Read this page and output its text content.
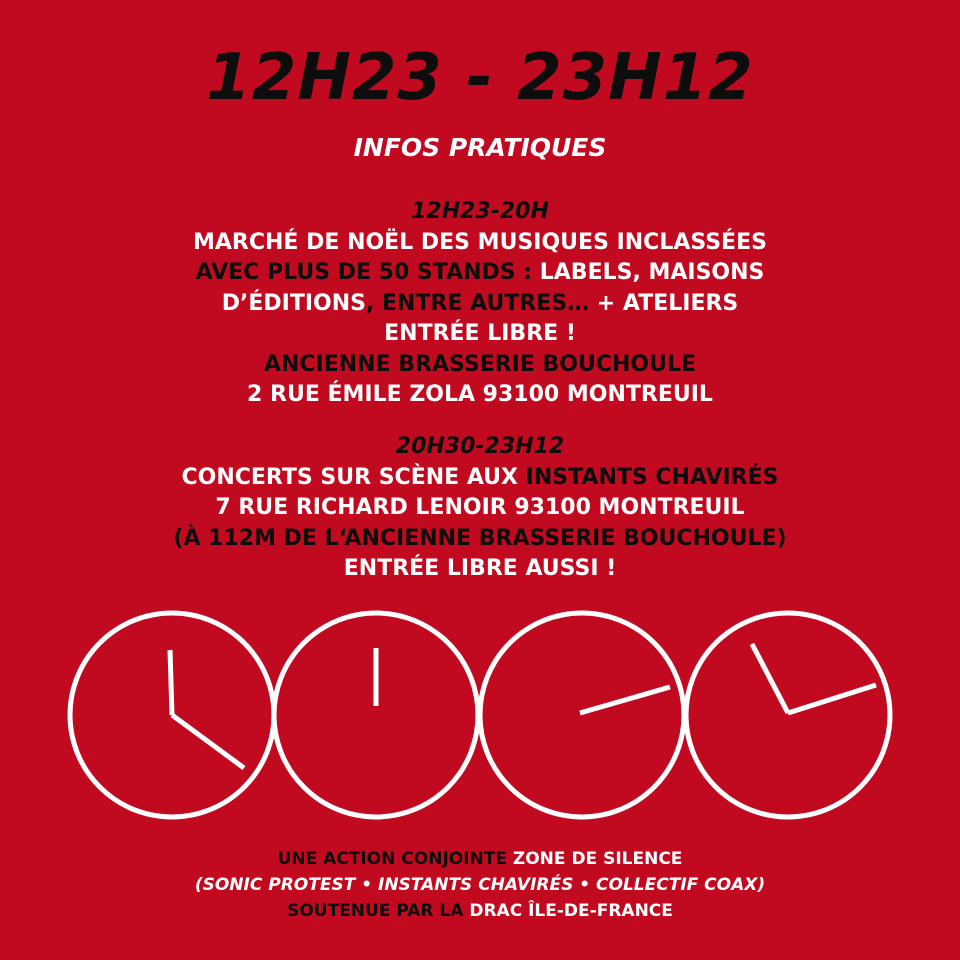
12H23 - 23H12
INFOS PRATIQUES
12H23-20H
MARCHÉ DE NOËL DES MUSIQUES INCLASSÉES
AVEC PLUS DE 50 STANDS : LABELS, MAISONS
D’ÉDITIONS, ENTRE AUTRES… + ATELIERS
ENTRÉE LIBRE !
ANCIENNE BRASSERIE BOUCHOULE
2 RUE ÉMILE ZOLA 93100 MONTREUIL
20H30-23H12
CONCERTS SUR SCÈNE AUX INSTANTS CHAVIRÉS
7 RUE RICHARD LENOIR 93100 MONTREUIL
(À 112M DE L‘ANCIENNE BRASSERIE BOUCHOULE)
ENTRÉE LIBRE AUSSI !
UNE ACTION CONJOINTE ZONE DE SILENCE
(SONIC PROTEST • INSTANTS CHAVIRÉS • COLLECTIF COAX)
SOUTENUE PAR LA DRAC ÎLE-DE-FRANCE
